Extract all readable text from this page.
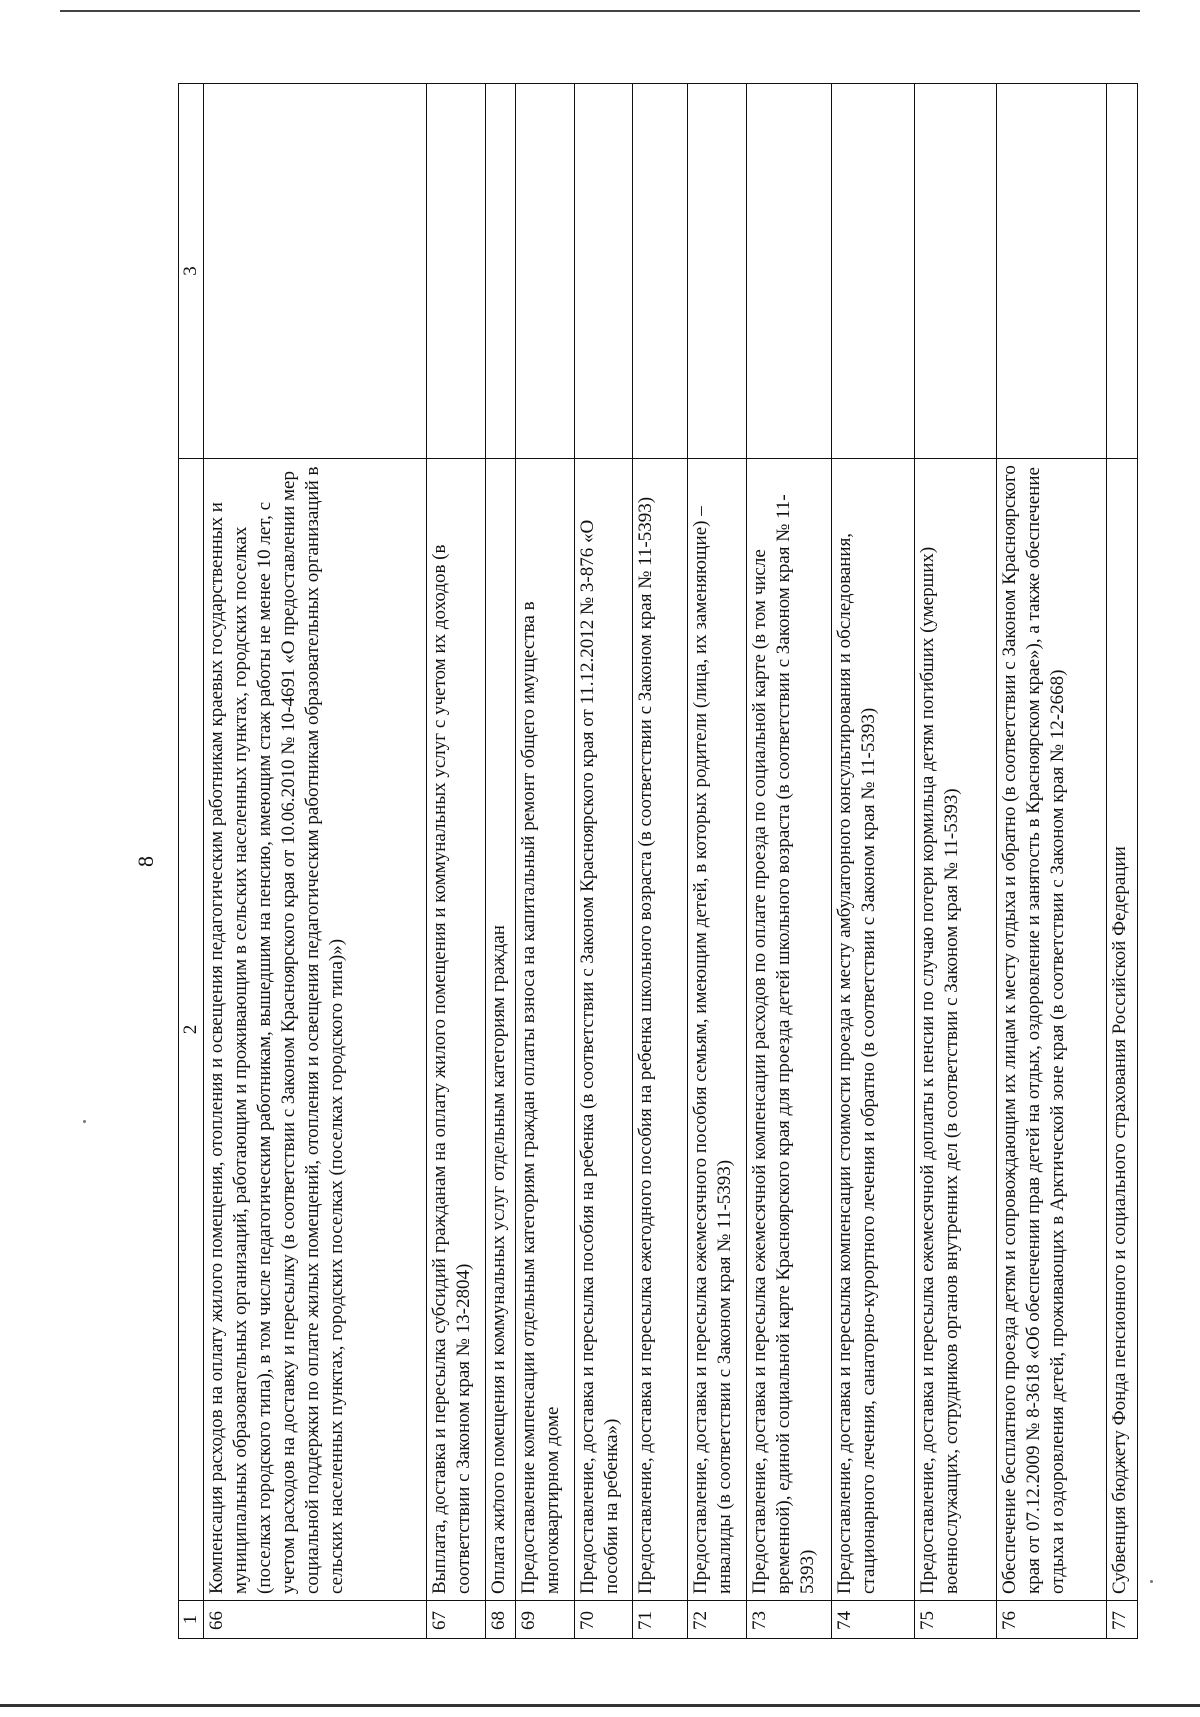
8
1	2	3
66	Компенсация расходов на оплату жилого помещения, отопления и освещения педагогическим работникам краевых государственных и муниципальных образовательных организаций, работающим и проживающим в сельских населенных пунктах, городских поселках (поселках городского типа), в том числе педагогическим работникам, вышедшим на пенсию, имеющим стаж работы не менее 10 лет, с учетом расходов на доставку и пересылку (в соответствии с Законом Красноярского края от 10.06.2010 № 10-4691 «О предоставлении мер социальной поддержки по оплате жилых помещений, отопления и освещения педагогическим работникам образовательных организаций в сельских населенных пунктах, городских поселках (поселках городского типа)»)	
67	Выплата, доставка и пересылка субсидий гражданам на оплату жилого помещения и коммунальных услуг с учетом их доходов (в соответствии с Законом края № 13-2804)	
68	Оплата жилого помещения и коммунальных услуг отдельным категориям граждан	
69	Предоставление компенсации отдельным категориям граждан оплаты взноса на капитальный ремонт общего имущества в многоквартирном доме	
70	Предоставление, доставка и пересылка пособия на ребенка (в соответствии с Законом Красноярского края от 11.12.2012 № 3-876 «О пособии на ребенка»)	
71	Предоставление, доставка и пересылка ежегодного пособия на ребенка школьного возраста (в соответствии с Законом края № 11-5393)	
72	Предоставление, доставка и пересылка ежемесячного пособия семьям, имеющим детей, в которых родители (лица, их заменяющие) – инвалиды (в соответствии с Законом края № 11-5393)	
73	Предоставление, доставка и пересылка ежемесячной компенсации расходов по оплате проезда по социальной карте (в том числе временной), единой социальной карте Красноярского края для проезда детей школьного возраста (в соответствии с Законом края № 11-5393)	
74	Предоставление, доставка и пересылка компенсации стоимости проезда к месту амбулаторного консультирования и обследования, стационарного лечения, санаторно-курортного лечения и обратно (в соответствии с Законом края № 11-5393)	
75	Предоставление, доставка и пересылка ежемесячной доплаты к пенсии по случаю потери кормильца детям погибших (умерших) военнослужащих, сотрудников органов внутренних дел (в соответствии с Законом края № 11-5393)	
76	Обеспечение бесплатного проезда детям и сопровождающим их лицам к месту отдыха и обратно (в соответствии с Законом Красноярского края от 07.12.2009 № 8-3618 «Об обеспечении прав детей на отдых, оздоровление и занятость в Красноярском крае»), а также обеспечение отдыха и оздоровления детей, проживающих в Арктической зоне края (в соответствии с Законом края № 12-2668)	
77	Субвенция бюджету Фонда пенсионного и социального страхования Российской Федерации	
